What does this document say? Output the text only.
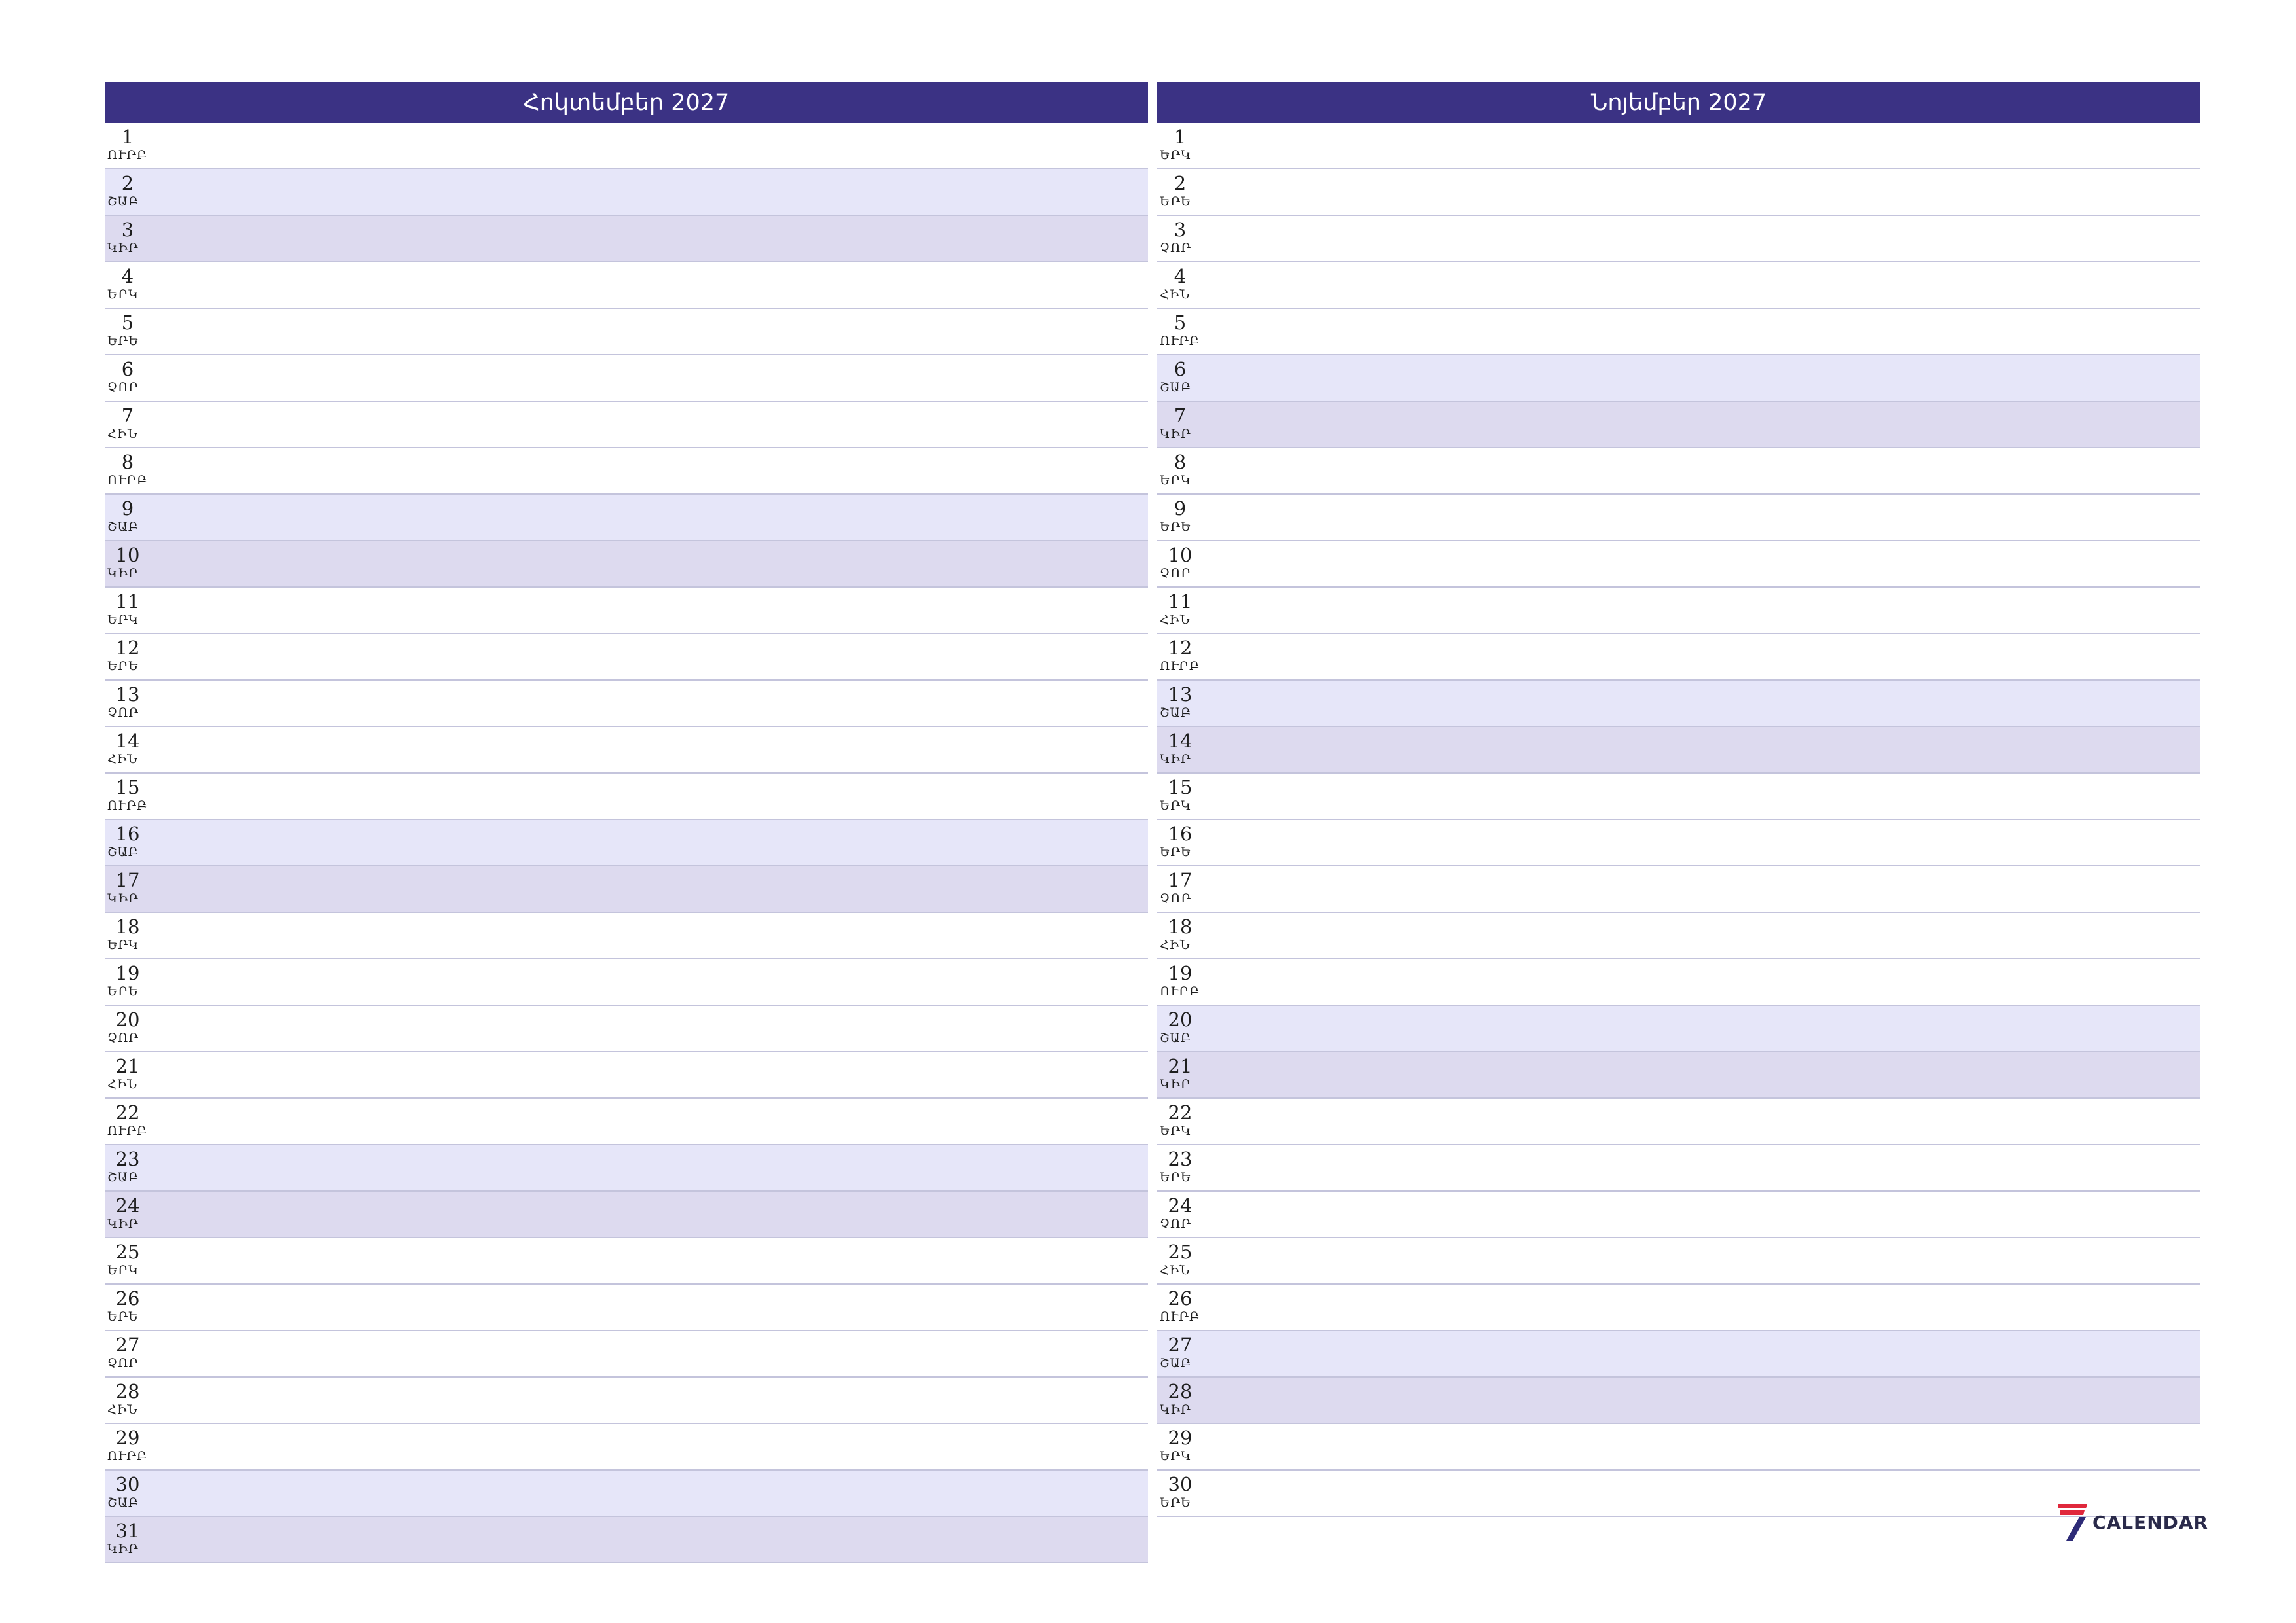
Հոկտեմբեր 2027
1
ՈՒՐԲ
2
ՇԱԲ
3
ԿԻՐ
4
ԵՐԿ
5
ԵՐԵ
6
ՉՈՐ
7
ՀԻՆ
8
ՈՒՐԲ
9
ՇԱԲ
10
ԿԻՐ
11
ԵՐԿ
12
ԵՐԵ
13
ՉՈՐ
14
ՀԻՆ
15
ՈՒՐԲ
16
ՇԱԲ
17
ԿԻՐ
18
ԵՐԿ
19
ԵՐԵ
20
ՉՈՐ
21
ՀԻՆ
22
ՈՒՐԲ
23
ՇԱԲ
24
ԿԻՐ
25
ԵՐԿ
26
ԵՐԵ
27
ՉՈՐ
28
ՀԻՆ
29
ՈՒՐԲ
30
ՇԱԲ
31
ԿԻՐ
Նոյեմբեր 2027
1
ԵՐԿ
2
ԵՐԵ
3
ՉՈՐ
4
ՀԻՆ
5
ՈՒՐԲ
6
ՇԱԲ
7
ԿԻՐ
8
ԵՐԿ
9
ԵՐԵ
10
ՉՈՐ
11
ՀԻՆ
12
ՈՒՐԲ
13
ՇԱԲ
14
ԿԻՐ
15
ԵՐԿ
16
ԵՐԵ
17
ՉՈՐ
18
ՀԻՆ
19
ՈՒՐԲ
20
ՇԱԲ
21
ԿԻՐ
22
ԵՐԿ
23
ԵՐԵ
24
ՉՈՐ
25
ՀԻՆ
26
ՈՒՐԲ
27
ՇԱԲ
28
ԿԻՐ
29
ԵՐԿ
30
ԵՐԵ
CALENDAR
